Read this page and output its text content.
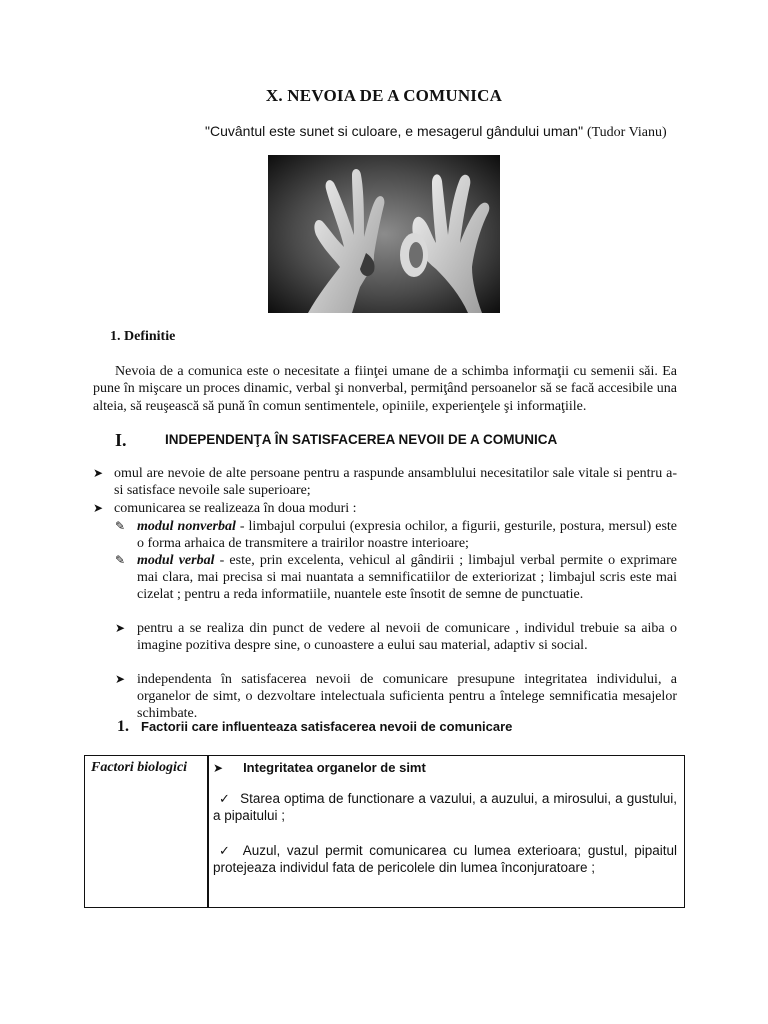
X. NEVOIA DE A COMUNICA
"Cuvântul este sunet si culoare, e mesagerul gândului uman" (Tudor Vianu)
1. Definitie
Nevoia de a comunica este o necesitate a fiinţei umane de a schimba informaţii cu semenii săi. Ea pune în mişcare un proces dinamic, verbal şi nonverbal, permiţând persoanelor să se facă accesibile una alteia, să reuşească să pună în comun sentimentele, opiniile, experienţele şi informaţiile.
I.	INDEPENDENŢA ÎN SATISFACEREA NEVOII DE A COMUNICA
➤ omul are nevoie de alte persoane pentru a raspunde ansamblului necesitatilor sale vitale si pentru a-si satisface nevoile sale superioare;
➤ comunicarea se realizeaza în doua moduri :
✎ modul nonverbal - limbajul corpului (expresia ochilor, a figurii, gesturile, postura, mersul) este o forma arhaica de transmitere a trairilor noastre interioare;
✎ modul verbal - este, prin excelenta, vehicul al gândirii ; limbajul verbal permite o exprimare mai clara, mai precisa si mai nuantata a semnificatiilor de exteriorizat ; limbajul scris este mai cizelat ; pentru a reda informatiile, nuantele este însotit de semne de punctuatie.
➤ pentru a se realiza din punct de vedere al nevoii de comunicare , individul trebuie sa aiba o imagine pozitiva despre sine, o cunoastere a eului sau material, adaptiv si social.
➤ independenta în satisfacerea nevoii de comunicare presupune integritatea individului, a organelor de simt, o dezvoltare intelectuala suficienta pentru a întelege semnificatia mesajelor schimbate.
1. Factorii care influenteaza satisfacerea nevoii de comunicare
Factori biologici ➤ Integritatea organelor de simt
✓ Starea optima de functionare a vazului, a auzului, a mirosului, a gustului, a pipaitului ;
✓ Auzul, vazul permit comunicarea cu lumea exterioara; gustul, pipaitul protejeaza individul fata de pericolele din lumea înconjuratoare ;
